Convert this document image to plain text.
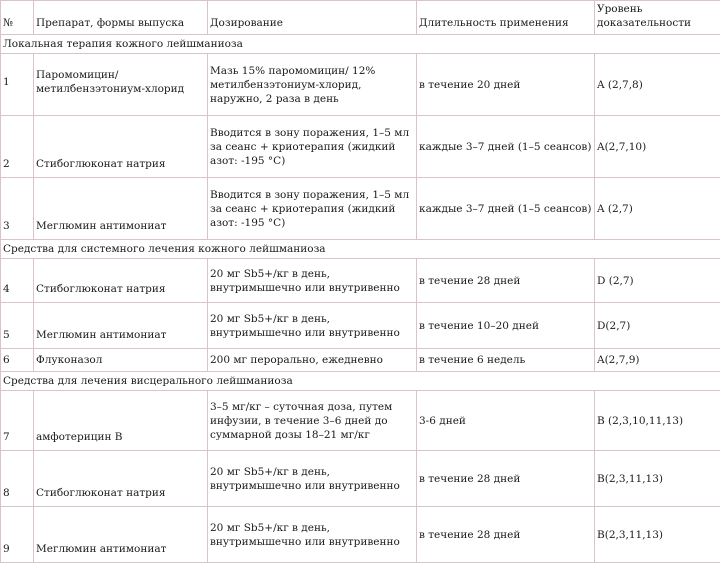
№	Препарат, формы выпуска	Дозирование	Длительность применения	Уровень доказательности
Локальная терапия кожного лейшманиоза				
1	Паромомицин/ метилбензэтониум-хлорид	Мазь 15% паромомицин/ 12% метилбензэтониум-хлорид, наружно, 2 раза в день	в течение 20 дней	A (2,7,8)
2	Стибоглюконат натрия	Вводится в зону поражения, 1–5 мл за сеанс + криотерапия (жидкий азот: -195 °C)	каждые 3–7 дней (1–5 сеансов)	A(2,7,10)
3	Меглюмин антимониат	Вводится в зону поражения, 1–5 мл за сеанс + криотерапия (жидкий азот: -195 °C)	каждые 3–7 дней (1–5 сеансов)	A (2,7)
Средства для системного лечения кожного лейшманиоза				
4	Стибоглюконат натрия	20 мг Sb5+/кг в день, внутримышечно или внутривенно	в течение 28 дней	D (2,7)
5	Меглюмин антимониат	20 мг Sb5+/кг в день, внутримышечно или внутривенно	в течение 10–20 дней	D(2,7)
6	Флуконазол	200 мг перорально, ежедневно	в течение 6 недель	A(2,7,9)
Средства для лечения висцерального лейшманиоза				
7	амфотерицин B	3–5 мг/кг – суточная доза, путем инфузии, в течение 3–6 дней до суммарной дозы 18–21 мг/кг	3-6 дней	B (2,3,10,11,13)
8	Стибоглюконат натрия	20 мг Sb5+/кг в день, внутримышечно или внутривенно	в течение 28 дней	B(2,3,11,13)
9	Меглюмин антимониат	20 мг Sb5+/кг в день, внутримышечно или внутривенно	в течение 28 дней	B(2,3,11,13)
